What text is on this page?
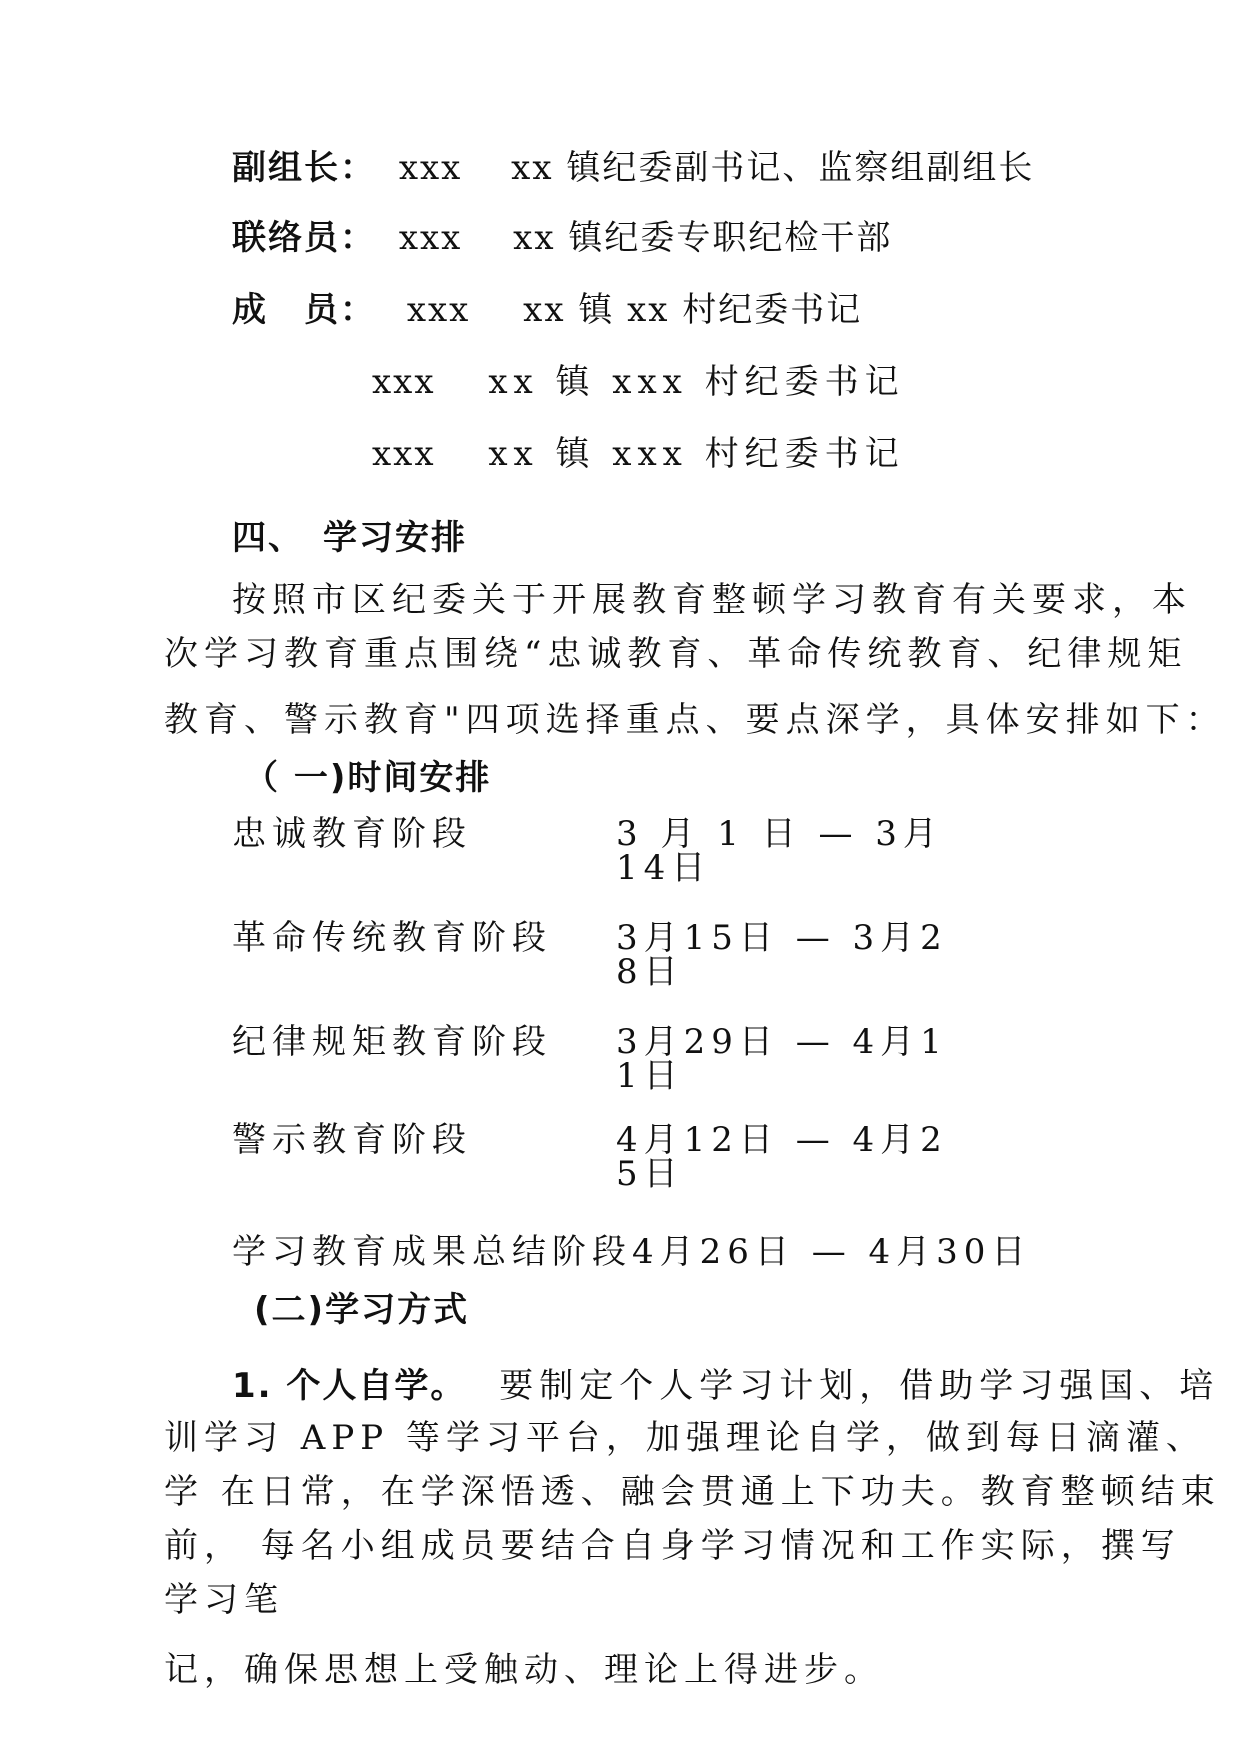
副组长： xxx xx 镇纪委副书记、监察组副组长
联络员： xxx xx 镇纪委专职纪检干部
成　员： xxx xx 镇 xx 村纪委书记
xxx xx 镇 xxx 村纪委书记
xxx xx 镇 xxx 村纪委书记
四、　学习安排
按照市区纪委关于开展教育整顿学习教育有关要求，本
次学习教育重点围绕“忠诚教育、革命传统教育、纪律规矩
教育、警示教育"四项选择重点、要点深学，具体安排如下：
（ 一)时间安排
忠诚教育阶段	3 月 1 日 — 3月14日
革命传统教育阶段 3月15日 — 3月28日
纪律规矩教育阶段 3月29日 — 4月11日
警示教育阶段	4月12日 — 4月25日
学习教育成果总结阶段 4月26日 — 4月30日
(二)学习方式
1. 个人自学。 要制定个人学习计划，借助学习强国、培
训学习 APP 等学习平台，加强理论自学，做到每日滴灌、
学 在日常，在学深悟透、融会贯通上下功夫。教育整顿结束
前， 每名小组成员要结合自身学习情况和工作实际，撰写
学习笔
记，确保思想上受触动、理论上得进步。
